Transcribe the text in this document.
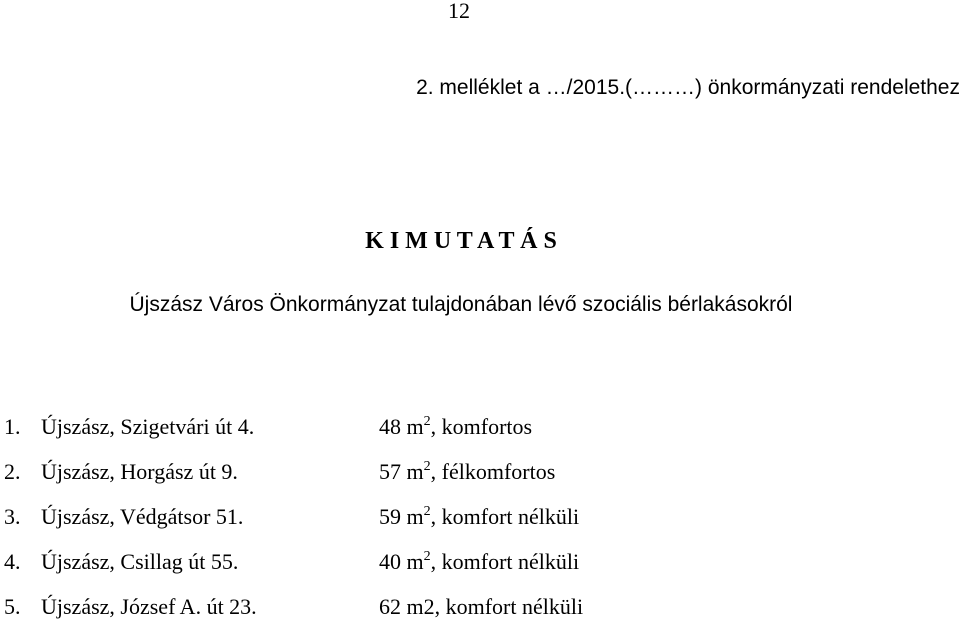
12
2. melléklet a …/2015.(………) önkormányzati rendelethez
K I M U T A T Á S
Újszász Város Önkormányzat tulajdonában lévő szociális bérlakásokról
1. Újszász, Szigetvári út 4.	48 $m^2$, komfortos
2. Újszász, Horgász út 9.	57 $m^2$, félkomfortos
3. Újszász, Védgátsor 51.	59 $m^2$, komfort nélküli
4. Újszász, Csillag út 55.	40 $m^2$, komfort nélküli
5. Újszász, József A. út 23.	62 m2, komfort nélküli
